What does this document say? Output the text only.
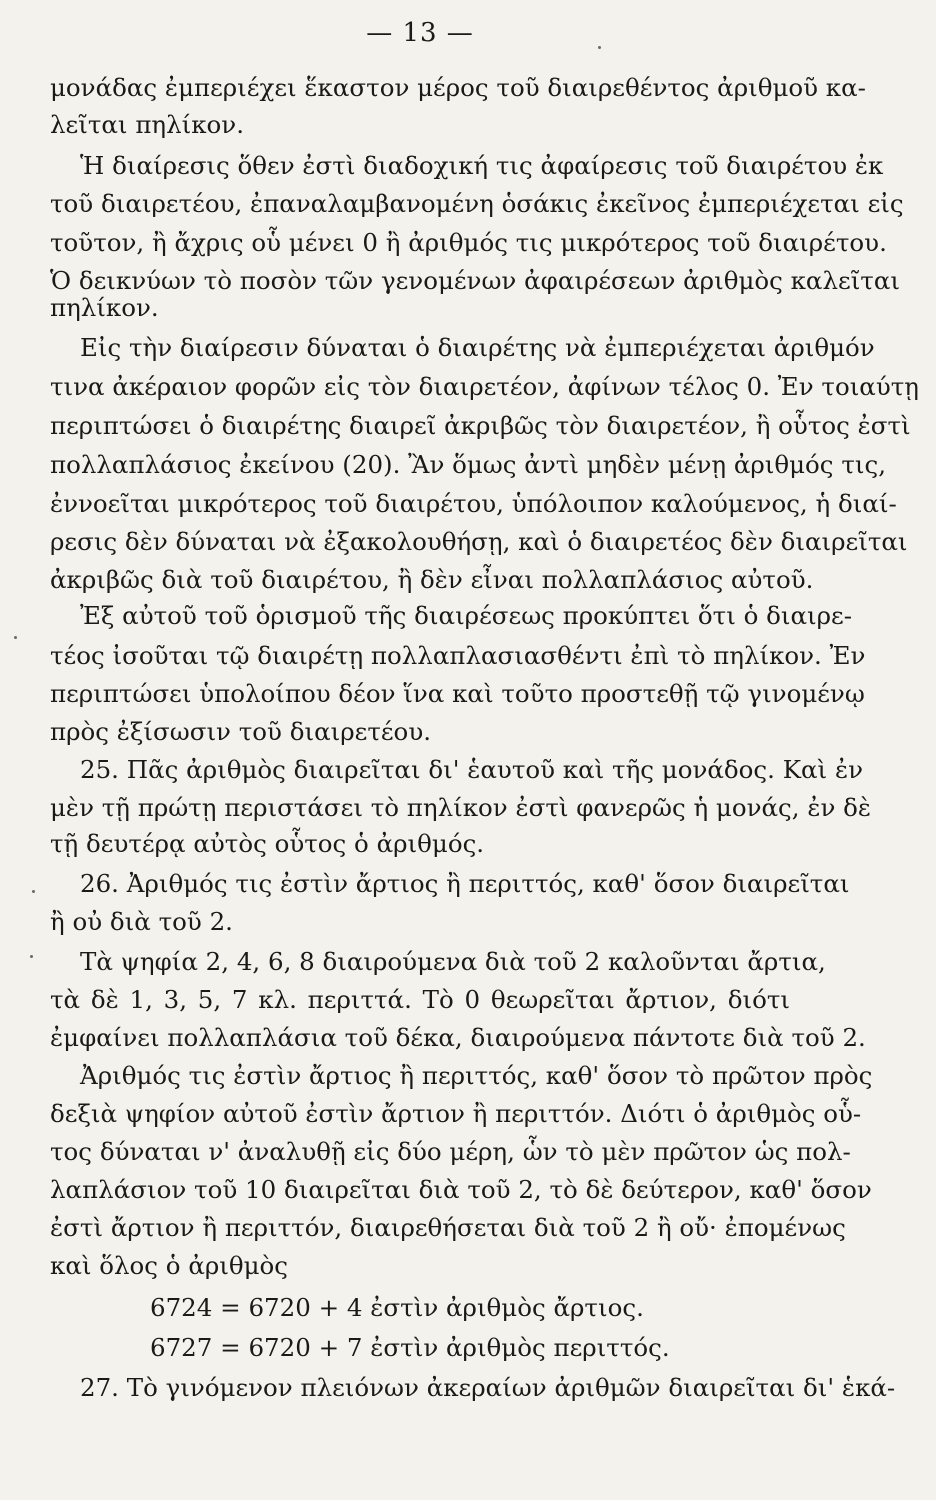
— 13 —
μονάδας ἐμπεριέχει ἕκαστον μέρος τοῦ διαιρεθέντος ἀριθμοῦ κα-
λεῖται πηλίκον.
Ἡ διαίρεσις ὅθεν ἐστὶ διαδοχική τις ἀφαίρεσις τοῦ διαιρέτου ἐκ
τοῦ διαιρετέου, ἐπαναλαμβανομένη ὁσάκις ἐκεῖνος ἐμπεριέχεται εἰς
τοῦτον, ἢ ἄχρις οὗ μένει 0 ἢ ἀριθμός τις μικρότερος τοῦ διαιρέτου.
Ὁ δεικνύων τὸ ποσὸν τῶν γενομένων ἀφαιρέσεων ἀριθμὸς καλεῖται
πηλίκον.
Εἰς τὴν διαίρεσιν δύναται ὁ διαιρέτης νὰ ἐμπεριέχεται ἀριθμόν
τινα ἀκέραιον φορῶν εἰς τὸν διαιρετέον, ἀφίνων τέλος 0. Ἐν τοιαύτῃ
περιπτώσει ὁ διαιρέτης διαιρεῖ ἀκριβῶς τὸν διαιρετέον, ἢ οὗτος ἐστὶ
πολλαπλάσιος ἐκείνου (20). Ἂν ὅμως ἀντὶ μηδὲν μένῃ ἀριθμός τις,
ἐννοεῖται μικρότερος τοῦ διαιρέτου, ὑπόλοιπον καλούμενος, ἡ διαί-
ρεσις δὲν δύναται νὰ ἐξακολουθήσῃ, καὶ ὁ διαιρετέος δὲν διαιρεῖται
ἀκριβῶς διὰ τοῦ διαιρέτου, ἢ δὲν εἶναι πολλαπλάσιος αὐτοῦ.
Ἐξ αὐτοῦ τοῦ ὁρισμοῦ τῆς διαιρέσεως προκύπτει ὅτι ὁ διαιρε-
τέος ἰσοῦται τῷ διαιρέτῃ πολλαπλασιασθέντι ἐπὶ τὸ πηλίκον. Ἐν
περιπτώσει ὑπολοίπου δέον ἵνα καὶ τοῦτο προστεθῇ τῷ γινομένῳ
πρὸς ἐξίσωσιν τοῦ διαιρετέου.
25. Πᾶς ἀριθμὸς διαιρεῖται δι' ἑαυτοῦ καὶ τῆς μονάδος. Καὶ ἐν
μὲν τῇ πρώτῃ περιστάσει τὸ πηλίκον ἐστὶ φανερῶς ἡ μονάς, ἐν δὲ
τῇ δευτέρᾳ αὐτὸς οὗτος ὁ ἀριθμός.
26. Ἀριθμός τις ἐστὶν ἄρτιος ἢ περιττός, καθ' ὅσον διαιρεῖται
ἢ οὐ διὰ τοῦ 2.
Τὰ ψηφία 2, 4, 6, 8 διαιρούμενα διὰ τοῦ 2 καλοῦνται ἄρτια,
τὰ δὲ 1, 3, 5, 7 κλ. περιττά. Τὸ 0 θεωρεῖται ἄρτιον, διότι
ἐμφαίνει πολλαπλάσια τοῦ δέκα, διαιρούμενα πάντοτε διὰ τοῦ 2.
Ἀριθμός τις ἐστὶν ἄρτιος ἢ περιττός, καθ' ὅσον τὸ πρῶτον πρὸς
δεξιὰ ψηφίον αὐτοῦ ἐστὶν ἄρτιον ἢ περιττόν. Διότι ὁ ἀριθμὸς οὗ-
τος δύναται ν' ἀναλυθῇ εἰς δύο μέρη, ὧν τὸ μὲν πρῶτον ὡς πολ-
λαπλάσιον τοῦ 10 διαιρεῖται διὰ τοῦ 2, τὸ δὲ δεύτερον, καθ' ὅσον
ἐστὶ ἄρτιον ἢ περιττόν, διαιρεθήσεται διὰ τοῦ 2 ἢ οὔ· ἐπομένως
καὶ ὅλος ὁ ἀριθμὸς
6724 = 6720 + 4 ἐστὶν ἀριθμὸς ἄρτιος.
6727 = 6720 + 7 ἐστὶν ἀριθμὸς περιττός.
27. Τὸ γινόμενον πλειόνων ἀκεραίων ἀριθμῶν διαιρεῖται δι' ἑκά-
